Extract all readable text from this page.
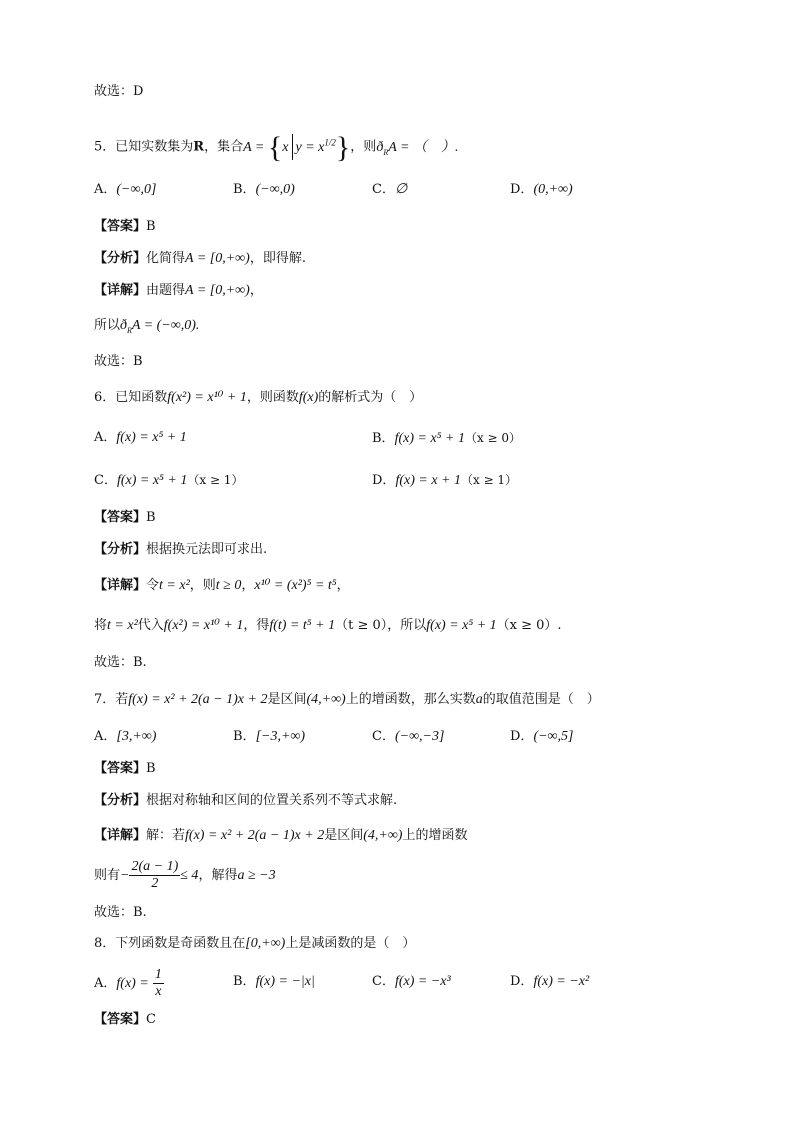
故选：D
5．已知实数集为R，集合A = {x $y = x^{1/2}$}，则$ð_RA$ = （　）.
A．(−∞,0]	B．(−∞,0)	C．∅	D．(0,+∞)
【答案】B
【分析】化简得A = [0,+∞)，即得解.
【详解】由题得A = [0,+∞)，
所以$ð_RA = (-\infty,0)$.
故选：B
6．已知函数f(x²) = x¹⁰ + 1，则函数f(x)的解析式为（　）
A．f(x) = x⁵ + 1	B．f(x) = x⁵ + 1（x ≥ 0）
C．f(x) = x⁵ + 1（x ≥ 1）	D．f(x) = x + 1（x ≥ 1）
【答案】B
【分析】根据换元法即可求出.
【详解】令t = x²，则t ≥ 0，x¹⁰ = (x²)⁵ = t⁵，
将t = x²代入f(x²) = x¹⁰ + 1，得f(t) = t⁵ + 1（t ≥ 0），所以f(x) = x⁵ + 1（x ≥ 0）.
故选：B.
7．若f(x) = x² + 2(a − 1)x + 2是区间(4,+∞)上的增函数，那么实数a的取值范围是（　）
A．[3,+∞)	B．[−3,+∞)	C．(−∞,−3]	D．(−∞,5]
【答案】B
【分析】根据对称轴和区间的位置关系列不等式求解.
【详解】解：若f(x) = x² + 2(a − 1)x + 2是区间(4,+∞)上的增函数
则有− $\frac{2(a - 1)}{2} \le 4$，解得a ≥ −3
故选：B.
8．下列函数是奇函数且在[0,+∞)上是减函数的是（　）
A．$f(x) = \frac{1}{x}$	B．f(x) = −|x|	C．f(x) = −x³	D．f(x) = −x²
【答案】C
